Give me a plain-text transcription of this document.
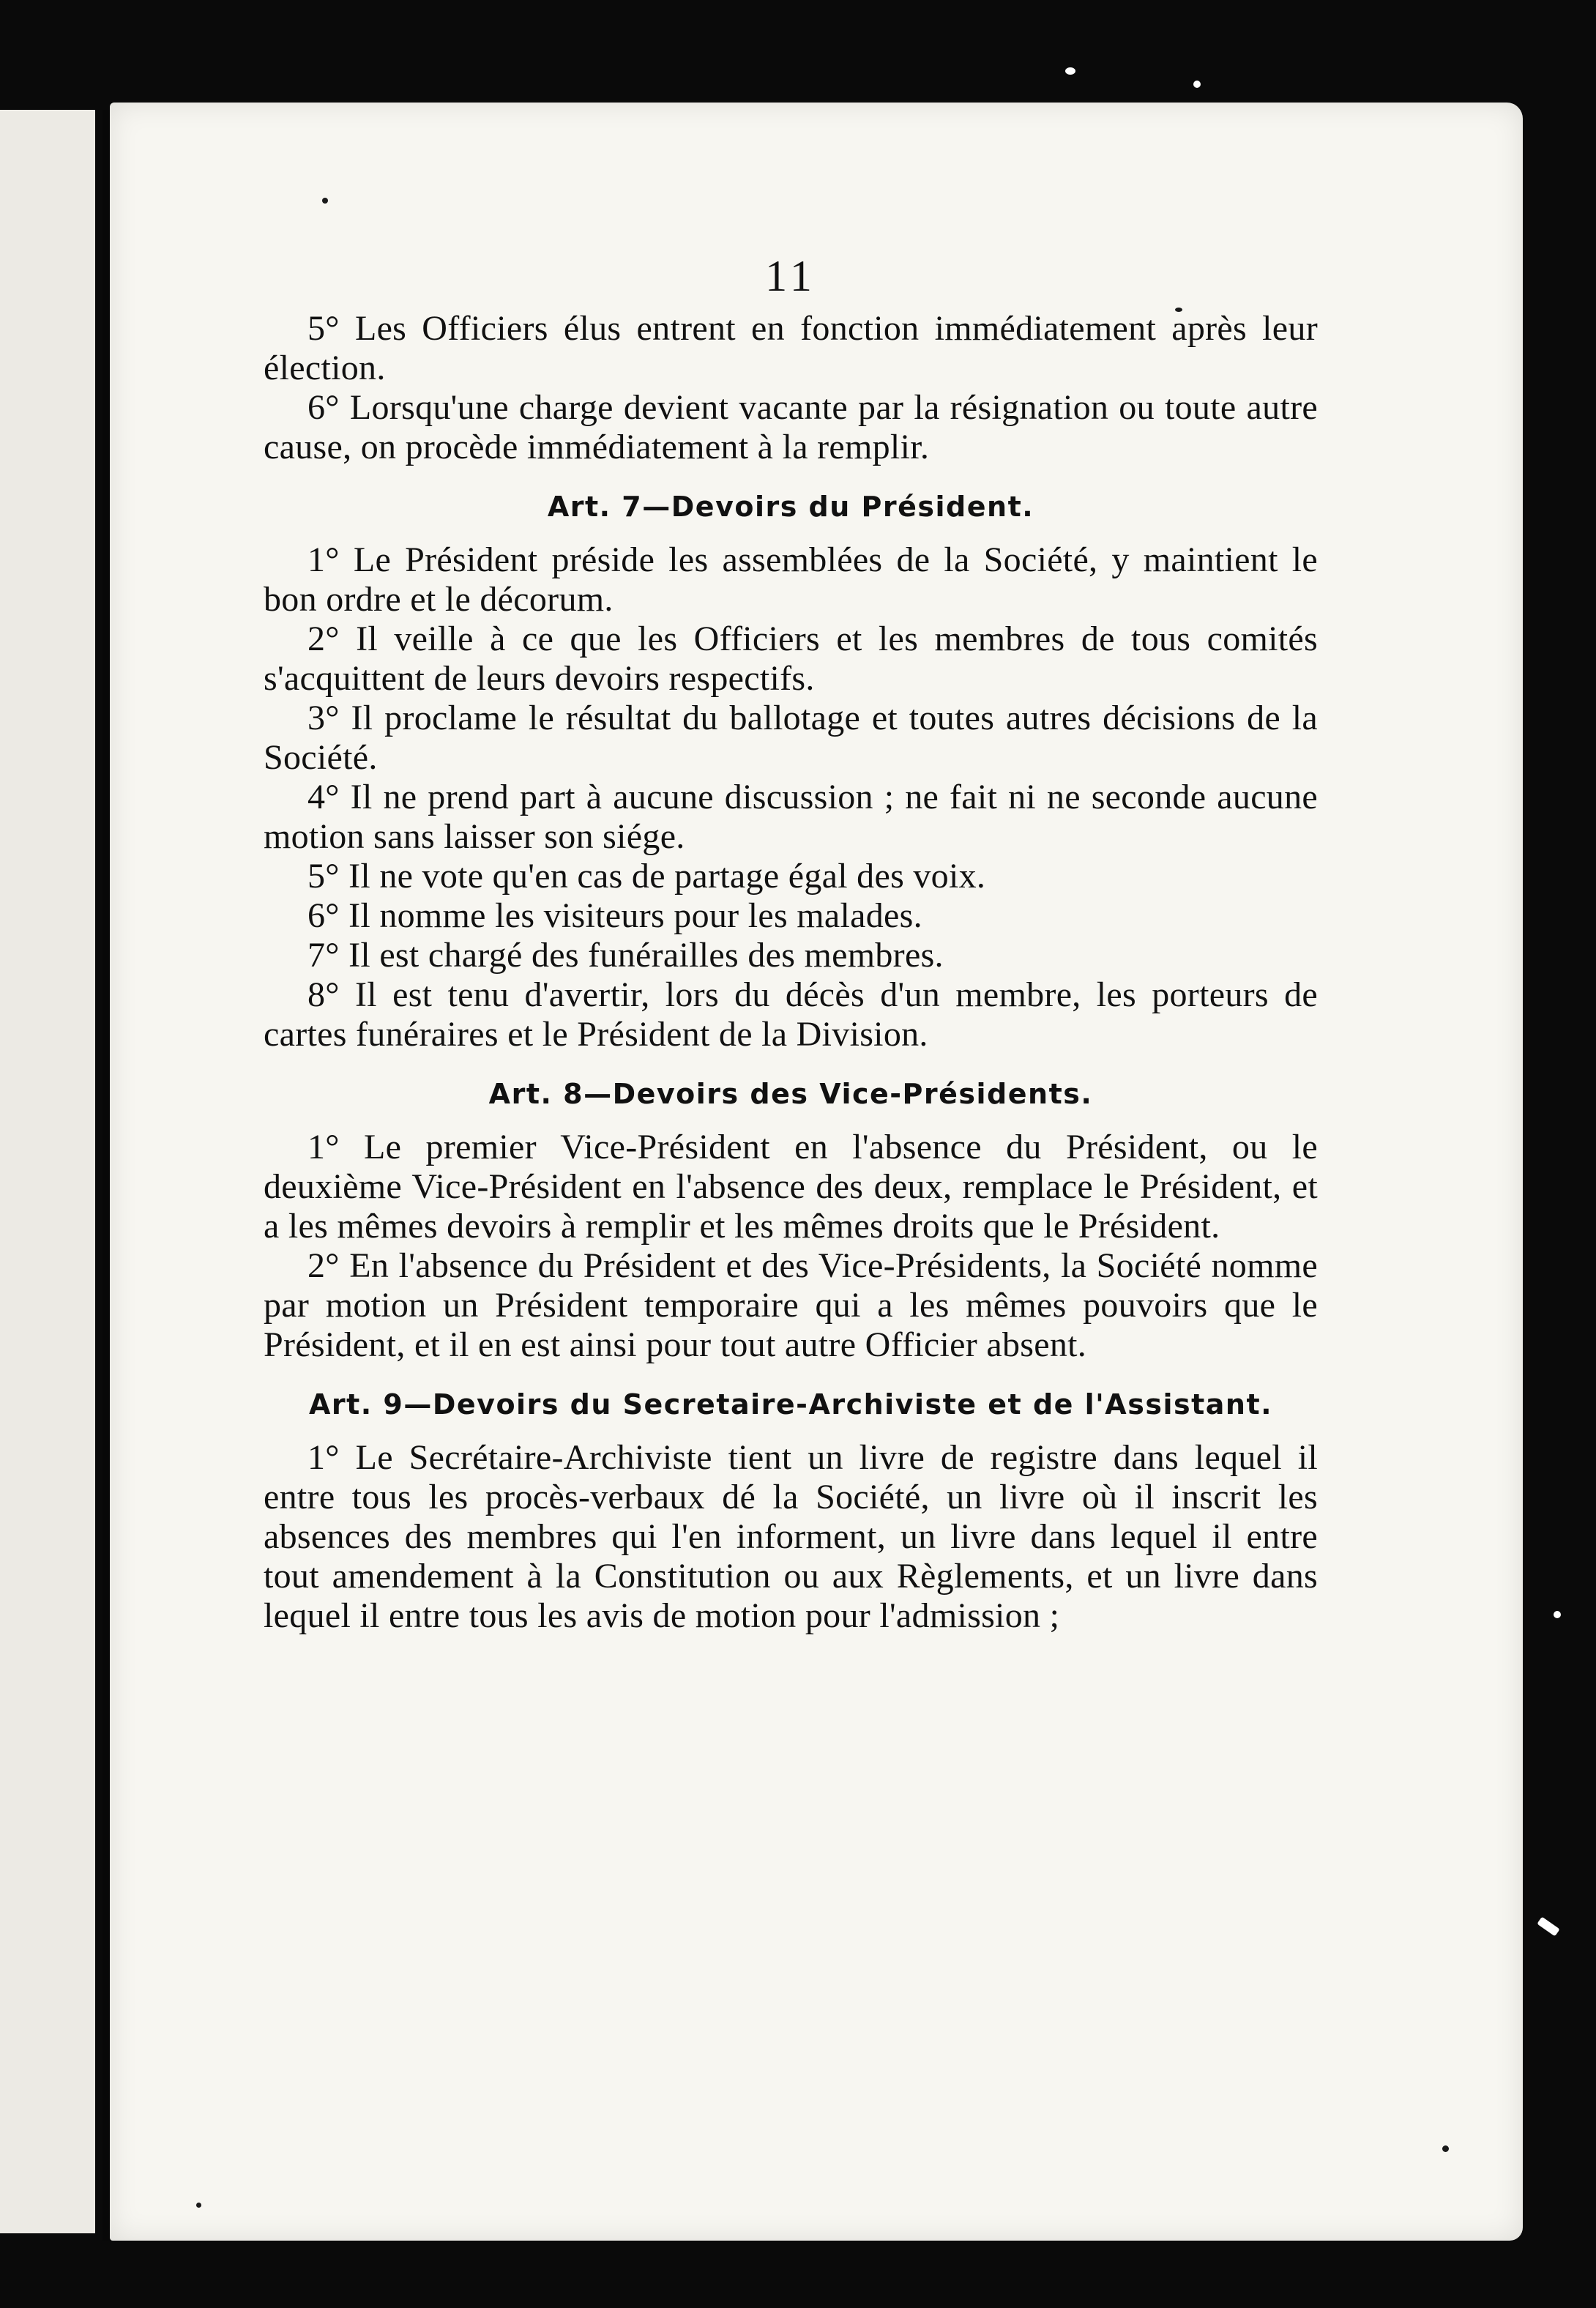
11

5° Les Officiers élus entrent en fonction immédiatement après leur élection.

6° Lorsqu'une charge devient vacante par la résignation ou toute autre cause, on procède immédiatement à la remplir.

Art. 7—Devoirs du Président.

1° Le Président préside les assemblées de la Société, y maintient le bon ordre et le décorum.

2° Il veille à ce que les Officiers et les membres de tous comités s'acquittent de leurs devoirs respectifs.

3° Il proclame le résultat du ballotage et toutes autres décisions de la Société.

4° Il ne prend part à aucune discussion ; ne fait ni ne seconde aucune motion sans laisser son siége.

5° Il ne vote qu'en cas de partage égal des voix.

6° Il nomme les visiteurs pour les malades.

7° Il est chargé des funérailles des membres.

8° Il est tenu d'avertir, lors du décès d'un membre, les porteurs de cartes funéraires et le Président de la Division.

Art. 8—Devoirs des Vice-Présidents.

1° Le premier Vice-Président en l'absence du Président, ou le deuxième Vice-Président en l'absence des deux, remplace le Président, et a les mêmes devoirs à remplir et les mêmes droits que le Président.

2° En l'absence du Président et des Vice-Présidents, la Société nomme par motion un Président temporaire qui a les mêmes pouvoirs que le Président, et il en est ainsi pour tout autre Officier absent.

Art. 9—Devoirs du Secretaire-Archiviste et de l'Assistant.

1° Le Secrétaire-Archiviste tient un livre de registre dans lequel il entre tous les procès-verbaux dé la Société, un livre où il inscrit les absences des membres qui l'en informent, un livre dans lequel il entre tout amendement à la Constitution ou aux Règlements, et un livre dans lequel il entre tous les avis de motion pour l'admission ;
